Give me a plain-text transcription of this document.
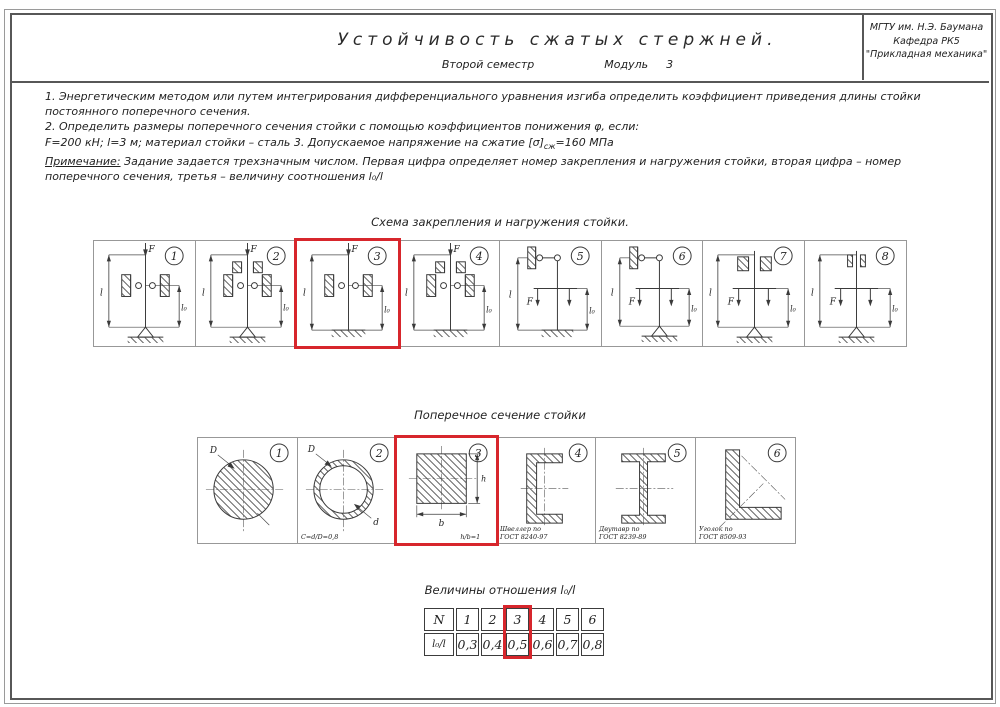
Устойчивость сжатых стержней.
Второй семестр	Модуль 3
МГТУ им. Н.Э. Баумана
Кафедра РК5
"Прикладная механика"

1. Энергетическим методом или путем интегрирования дифференциального уравнения изгиба определить коэффициент приведения длины стойки постоянного поперечного сечения.

2. Определить размеры поперечного сечения стойки с помощью коэффициентов понижения φ, если:

F=200 кН; l=3 м; материал стойки – сталь 3. Допускаемое напряжение на сжатие $[\sigma]_{сж}=160$ МПа

Примечание: Задание задается трехзначным числом. Первая цифра определяет номер закрепления и нагружения стойки, вторая цифра – номер поперечного сечения, третья – величину соотношения l₀/l

Схема закрепления и нагружения стойки.
F
l
l₀
1	F
l
l₀
2	F
l
l₀
3	F
l
l₀
4
l
F
l₀
5
l
F
l₀
6
l
F
l₀
7
l
F
l₀
8
Поперечное сечение стойки
D	1	D
d
C=d/D=0,8
2
b
h
h/b=1
3
Швеллер по
ГОСТ 8240-97
4
Двутавр по
ГОСТ 8239-89
5
Уголок по
ГОСТ 8509-93
6
Величины отношения l₀/l
N	1	2	3	4	5	6
l₀/l 0,3 0,4 0,5 0,6 0,7 0,8
